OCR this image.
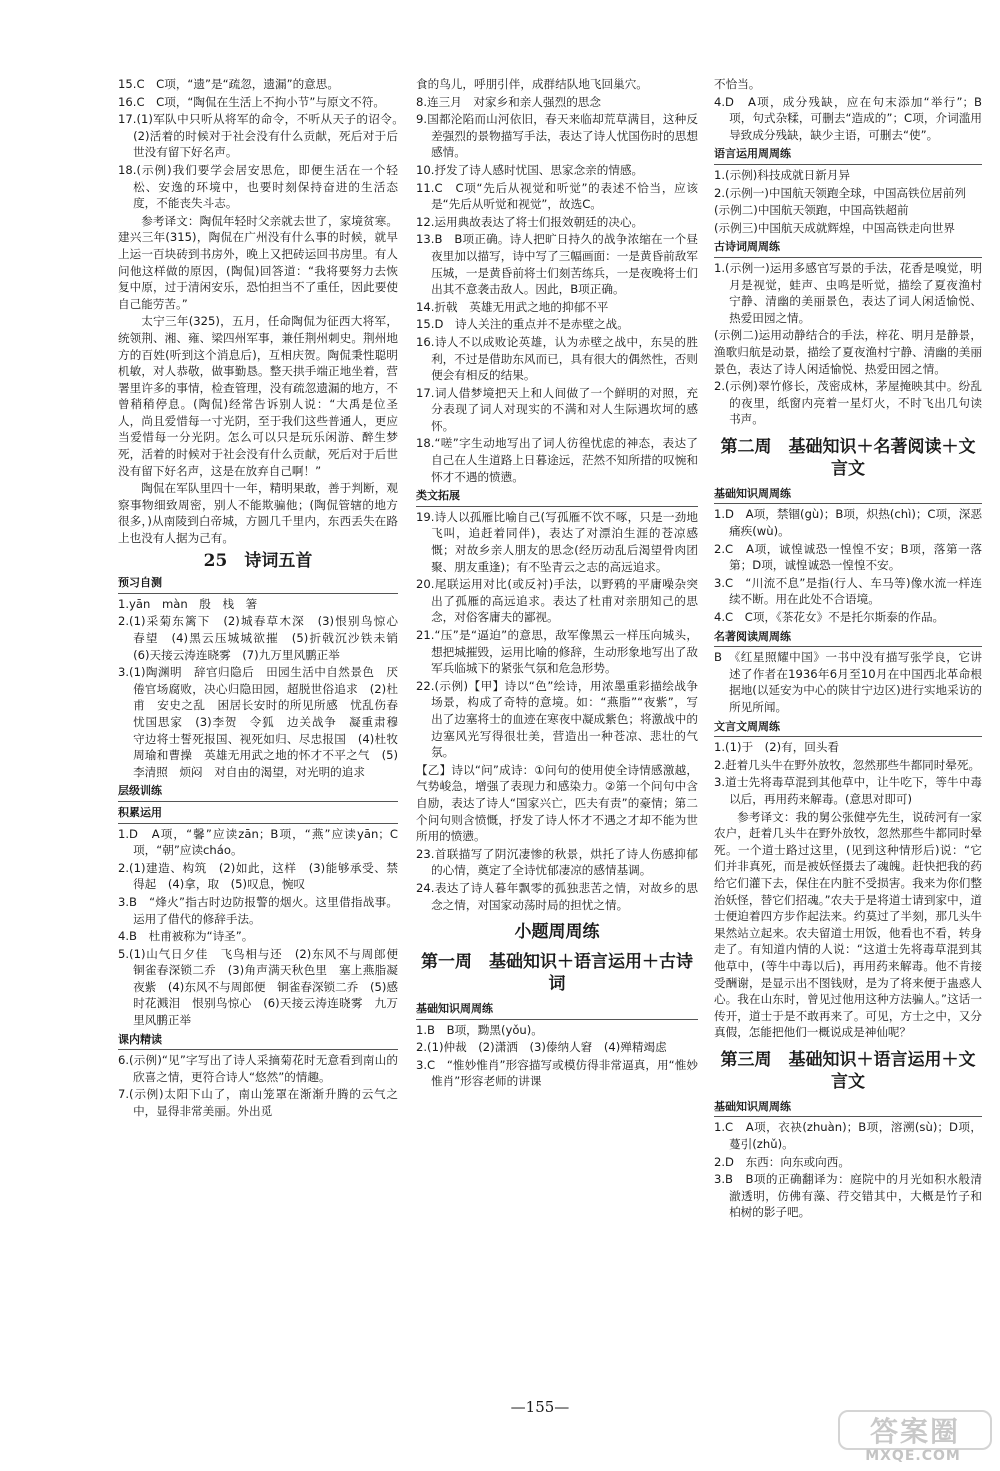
15.C　C项，“遗”是“疏忽，遗漏”的意思。
16.C　C项，“陶侃在生活上不拘小节”与原文不符。
17.(1)军队中只听从将军的命令，不听从天子的诏令。　(2)活着的时候对于社会没有什么贡献，死后对于后世没有留下好名声。
18.(示例)我们要学会居安思危，即便生活在一个轻松、安逸的环境中，也要时刻保持奋进的生活态度，不能丧失斗志。
参考译文：陶侃年轻时父亲就去世了，家境贫寒。建兴三年(315)，陶侃在广州没有什么事的时候，就早上运一百块砖到书房外，晚上又把砖运回书房里。有人问他这样做的原因，(陶侃)回答道：“我将要努力去恢复中原，过于清闲安乐，恐怕担当不了重任，因此要使自己能劳苦。”
太宁三年(325)，五月，任命陶侃为征西大将军，统领荆、湘、雍、梁四州军事，兼任荆州刺史。荆州地方的百姓(听到这个消息后)，互相庆贺。陶侃秉性聪明机敏，对人恭敬，做事勤恳。整天拱手端正地坐着，营署里许多的事情，检查管理，没有疏忽遗漏的地方，不曾稍稍停息。(陶侃)经常告诉别人说：“大禹是位圣人，尚且爱惜每一寸光阴，至于我们这些普通人，更应当爱惜每一分光阴。怎么可以只是玩乐闲游、醉生梦死，活着的时候对于社会没有什么贡献，死后对于后世没有留下好名声，这是在放弃自己啊！”
陶侃在军队里四十一年，精明果敢，善于判断，观察事物细致周密，别人不能欺骗他；(陶侃管辖的地方很多，)从南陵到白帝城，方圆几千里内，东西丢失在路上也没有人据为己有。
25　诗词五首
预习自测
1.yān　màn　殷　栈　箸
2.(1)采菊东篱下　(2)城春草木深　(3)恨别鸟惊心　春望　(4)黑云压城城欲摧　(5)折戟沉沙铁未销　(6)天接云涛连晓雾　(7)九万里风鹏正举
3.(1)陶渊明　辞官归隐后　田园生活中自然景色　厌倦官场腐败，决心归隐田园，超脱世俗追求　(2)杜甫　安史之乱　困居长安时的所见所感　忧乱伤春　忧国思家　(3)李贺　令狐　边关战争　凝重肃穆　守边将士誓死报国、视死如归、尽忠报国　(4)杜牧　周瑜和曹操　英雄无用武之地的怀才不平之气　(5)李清照　烦闷　对自由的渴望，对光明的追求
层级训练
积累运用
1.D　A项，“馨”应读zān；B项，“燕”应读yān；C项，“朝”应读cháo。
2.(1)建造、构筑　(2)如此，这样　(3)能够承受、禁得起　(4)拿，取　(5)叹息，惋叹
3.B　“烽火”指古时边防报警的烟火。这里借指战事。运用了借代的修辞手法。
4.B　杜甫被称为“诗圣”。
5.(1)山气日夕佳　飞鸟相与还　(2)东风不与周郎便　铜雀春深锁二乔　(3)角声满天秋色里　塞上燕脂凝夜紫　(4)东风不与周郎便　铜雀春深锁二乔　(5)感时花溅泪　恨别鸟惊心　(6)天接云涛连晓雾　九万里风鹏正举
课内精读
6.(示例)“见”字写出了诗人采摘菊花时无意看到南山的欣喜之情，更符合诗人“悠然”的情趣。
7.(示例)太阳下山了，南山笼罩在渐渐升腾的云气之中，显得非常美丽。外出觅
食的鸟儿，呼朋引伴，成群结队地飞回巢穴。
8.连三月　对家乡和亲人强烈的思念
9.国都沦陷而山河依旧，春天来临却荒草满目，这种反差强烈的景物描写手法，表达了诗人忧国伤时的思想感情。
10.抒发了诗人感时忧国、思家念亲的情感。
11.C　C项“先后从视觉和听觉”的表述不恰当，应该是“先后从听觉和视觉”，故选C。
12.运用典故表达了将士们报效朝廷的决心。
13.B　B项正确。诗人把旷日持久的战争浓缩在一个昼夜里加以描写，诗中写了三幅画面：一是黄昏前敌军压城，一是黄昏前将士们刻苦练兵，一是夜晚将士们出其不意袭击敌人。因此，B项正确。
14.折戟　英雄无用武之地的抑郁不平
15.D　诗人关注的重点并不是赤壁之战。
16.诗人不以成败论英雄，认为赤壁之战中，东吴的胜利，不过是借助东风而已，具有很大的偶然性，否则便会有相反的结果。
17.词人借梦境把天上和人间做了一个鲜明的对照，充分表现了词人对现实的不满和对人生际遇坎坷的感怀。
18.“嗟”字生动地写出了词人彷徨忧虑的神态，表达了自己在人生道路上日暮途远，茫然不知所措的叹惋和怀才不遇的愤懑。
类文拓展
19.诗人以孤雁比喻自己(写孤雁不饮不啄，只是一劲地飞叫，追赶着同伴)，表达了对漂泊生涯的苍凉感慨；对故乡亲人朋友的思念(经历动乱后渴望骨肉团聚、朋友重逢)；有不坠青云之志的高远追求。
20.尾联运用对比(或反衬)手法，以野鸦的平庸噪杂突出了孤雁的高远追求。表达了杜甫对亲朋知己的思念，对俗客庸夫的鄙视。
21.“压”是“逼迫”的意思，敌军像黑云一样压向城头，想把城摧毁，运用比喻的修辞，生动形象地写出了敌军兵临城下的紧张气氛和危急形势。
22.(示例)【甲】诗以“色”绘诗，用浓墨重彩描绘战争场景，构成了奇特的意境。如：“燕脂”“夜紫”，写出了边塞将士的血迹在寒夜中凝成紫色；将激战中的边塞风光写得很壮美，营造出一种苍凉、悲壮的气氛。
【乙】诗以“问”成诗：①问句的使用使全诗情感激越，气势峻急，增强了表现力和感染力。②第一个问句中含自励，表达了诗人“国家兴亡，匹夫有责”的豪情；第二个问句则含愤慨，抒发了诗人怀才不遇之才却不能为世所用的愤懑。
23.首联描写了阴沉凄惨的秋景，烘托了诗人伤感抑郁的心情，奠定了全诗忧郁凄凉的感情基调。
24.表达了诗人暮年飘零的孤独悲苦之情，对故乡的思念之情，对国家动荡时局的担忧之情。
小题周周练
第一周　基础知识＋语言运用＋古诗词
基础知识周周练
1.B　B项，黝黑(yǒu)。
2.(1)仲裁　(2)潇洒　(3)傣纳人窘　(4)殚精竭虑
3.C　“惟妙惟肖”形容描写或模仿得非常逼真，用“惟妙惟肖”形容老师的讲课
不恰当。
4.D　A项，成分残缺，应在句末添加“举行”；B项，句式杂糅，可删去“造成的”；C项，介词滥用导致成分残缺，缺少主语，可删去“使”。
语言运用周周练
1.(示例)科技成就日新月异
2.(示例一)中国航天领跑全球，中国高铁位居前列
(示例二)中国航天领跑，中国高铁超前
(示例三)中国航天成就辉煌，中国高铁走向世界
古诗词周周练
1.(示例一)运用多感官写景的手法，花香是嗅觉，明月是视觉，蛙声、虫鸣是听觉，描绘了夏夜渔村宁静、清幽的美丽景色，表达了词人闲适愉悦、热爱田园之情。
(示例二)运用动静结合的手法，梓花、明月是静景，渔歌归航是动景，描绘了夏夜渔村宁静、清幽的美丽景色，表达了诗人闲适愉悦、热爱田园之情。
2.(示例)翠竹修长，茂密成林，茅屋掩映其中。纷乱的夜里，纸窗内亮着一星灯火，不时飞出几句读书声。
第二周　基础知识＋名著阅读＋文言文
基础知识周周练
1.D　A项，禁锢(gù)；B项，炽热(chì)；C项，深恶痛疾(wù)。
2.C　A项，诚惶诚恐一惶惶不安；B项，落第一落第；D项，诚惶诚恐一惶惶不安。
3.C　“川流不息”是指(行人、车马等)像水流一样连续不断。用在此处不合语境。
4.C　C项，《茶花女》不是托尔斯泰的作品。
名著阅读周周练
B　《红星照耀中国》一书中没有描写张学良，它讲述了作者在1936年6月至10月在中国西北革命根据地(以延安为中心的陕甘宁边区)进行实地采访的所见所闻。
文言文周周练
1.(1)于　(2)有，回头看
2.赶着几头牛在野外放牧，忽然那些牛都同时晕死。
3.道士先将毒草混到其他草中，让牛吃下，等牛中毒以后，再用药来解毒。(意思对即可)
参考译文：我的舅公张健亭先生，说砖河有一家农户，赶着几头牛在野外放牧，忽然那些牛都同时晕死。一个道士路过这里，(见到这种情形后)说：“它们并非真死，而是被妖怪摄去了魂魄。赶快把我的药给它们灌下去，保住在内脏不受损害。我来为你们整治妖怪，替它们招魂。”农夫于是将道士请到家中，道士便迫着四方步作起法来。约莫过了半刻，那几头牛果然站立起来。农夫留道士用饭，他看也不看，转身走了。有知道内情的人说：“这道士先将毒草混到其他草中，(等牛中毒以后)，再用药来解毒。他不肯接受酬谢，是显示出不图钱财，是为了将来便于蛊惑人心。我在山东时，曾见过他用这种方法骗人。”这话一传开，道士于是不敢再来了。可见，方士之中，又分真假，怎能把他们一概说成是神仙呢？
第三周　基础知识＋语言运用＋文言文
基础知识周周练
1.C　A项，衣袂(zhuàn)；B项，溶溯(sù)；D项，蔓引(zhǔ)。
2.D　东西：向东或向西。
3.B　B项的正确翻译为：庭院中的月光如积水般清澈透明，仿佛有藻、荇交错其中，大概是竹子和柏树的影子吧。
—155—
答案圈
MXQE.COM
